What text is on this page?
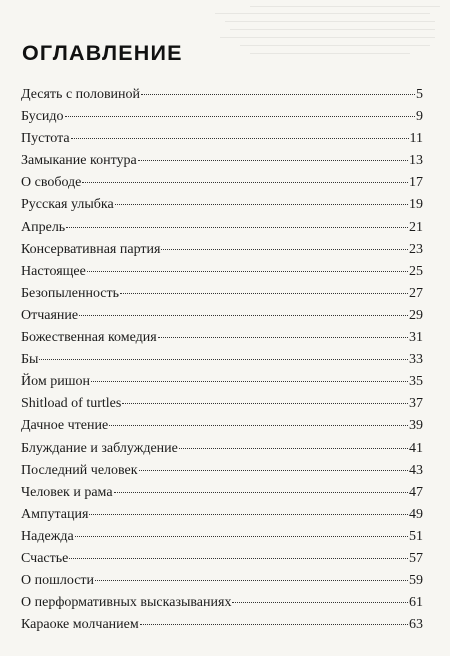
ОГЛАВЛЕНИЕ
Десять с половиной	5
Бусидо	9
Пустота	11
Замыкание контура	13
О свободе	17
Русская улыбка	19
Апрель	21
Консервативная партия	23
Настоящее	25
Безопыленность	27
Отчаяние	29
Божественная комедия	31
Бы	33
Йом ришон	35
Shitload of turtles	37
Дачное чтение	39
Блуждание и заблуждение	41
Последний человек	43
Человек и рама	47
Ампутация	49
Надежда	51
Счастье	57
О пошлости	59
О перформативных высказываниях	61
Караоке молчанием	63
